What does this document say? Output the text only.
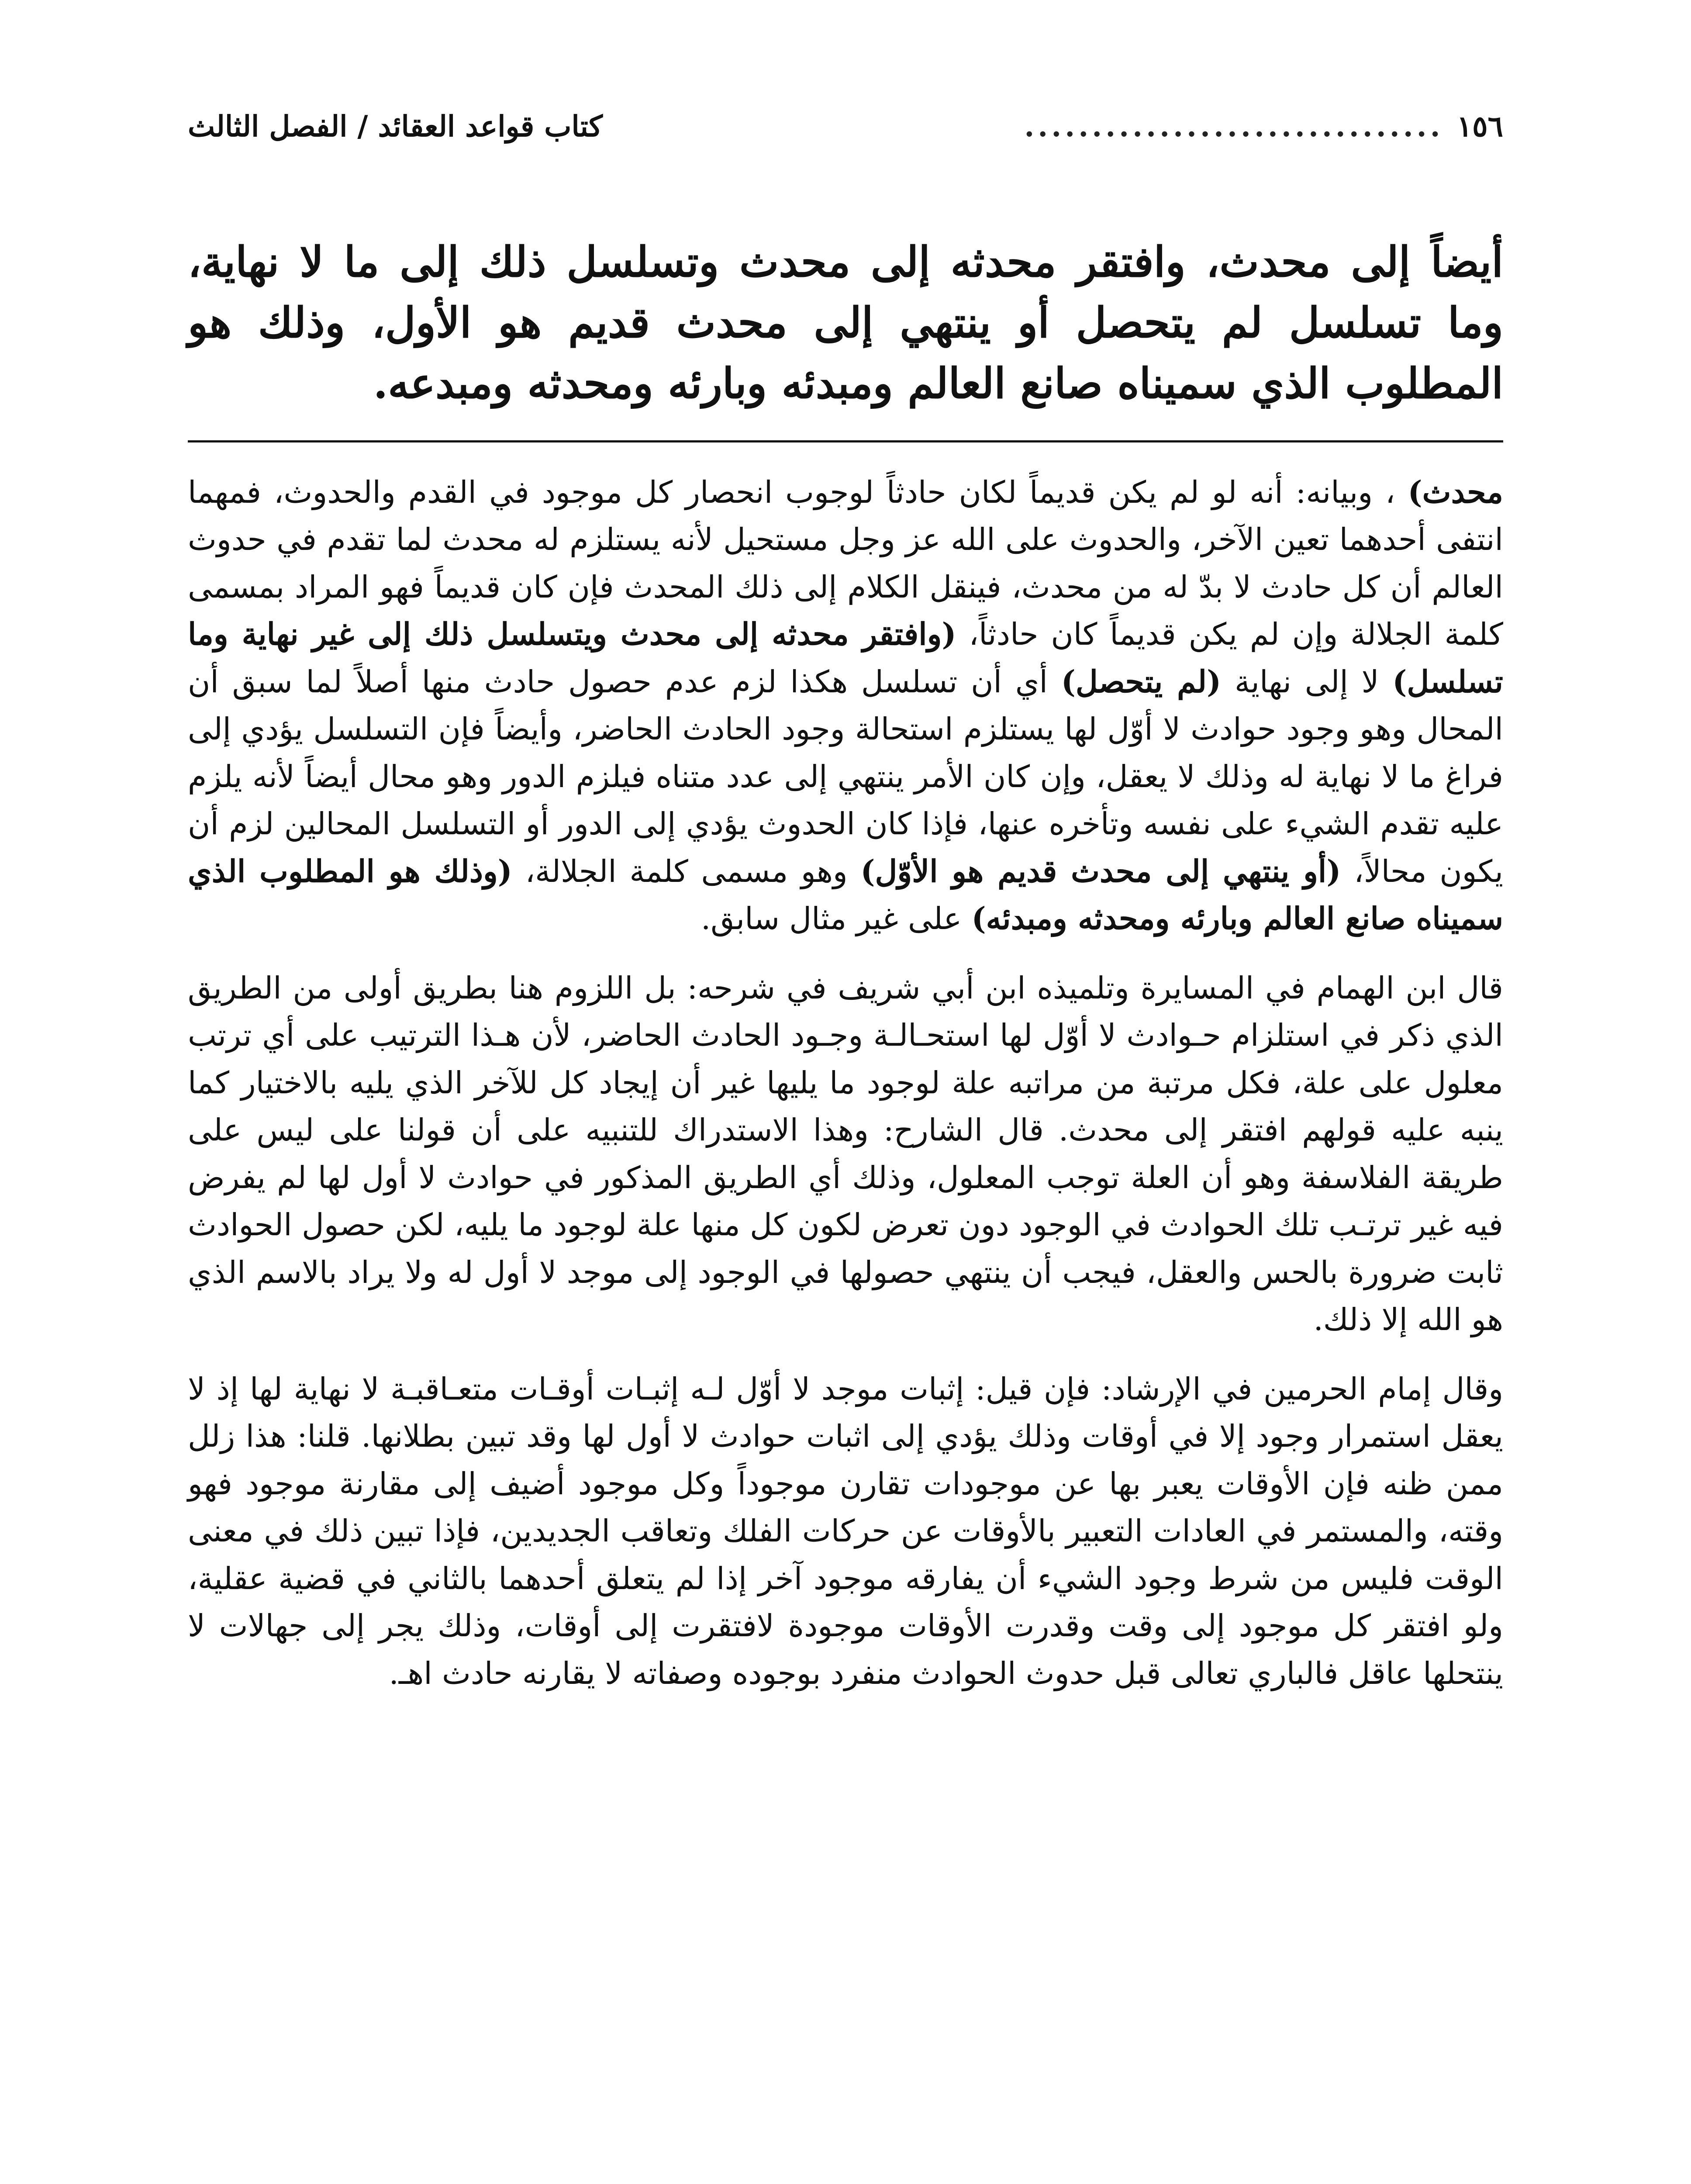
١٥٦
...............................
كتاب قواعد العقائد / الفصل الثالث
أيضاً إلى محدث، وافتقر محدثه إلى محدث وتسلسل ذلك إلى ما لا نهاية، وما تسلسل لم يتحصل أو ينتهي إلى محدث قديم هو الأول، وذلك هو المطلوب الذي سميناه صانع العالم ومبدئه وبارئه ومحدثه ومبدعه.

محدث) ، وبيانه: أنه لو لم يكن قديماً لكان حادثاً لوجوب انحصار كل موجود في القدم والحدوث، فمهما انتفى أحدهما تعين الآخر، والحدوث على الله عز وجل مستحيل لأنه يستلزم له محدث لما تقدم في حدوث العالم أن كل حادث لا بدّ له من محدث، فينقل الكلام إلى ذلك المحدث فإن كان قديماً فهو المراد بمسمى كلمة الجلالة وإن لم يكن قديماً كان حادثاً، (وافتقر محدثه إلى محدث ويتسلسل ذلك إلى غير نهاية وما تسلسل) لا إلى نهاية (لم يتحصل) أي أن تسلسل هكذا لزم عدم حصول حادث منها أصلاً لما سبق أن المحال وهو وجود حوادث لا أوّل لها يستلزم استحالة وجود الحادث الحاضر، وأيضاً فإن التسلسل يؤدي إلى فراغ ما لا نهاية له وذلك لا يعقل، وإن كان الأمر ينتهي إلى عدد متناه فيلزم الدور وهو محال أيضاً لأنه يلزم عليه تقدم الشيء على نفسه وتأخره عنها، فإذا كان الحدوث يؤدي إلى الدور أو التسلسل المحالين لزم أن يكون محالاً، (أو ينتهي إلى محدث قديم هو الأوّل) وهو مسمى كلمة الجلالة، (وذلك هو المطلوب الذي سميناه صانع العالم وبارئه ومحدثه ومبدئه) على غير مثال سابق.

قال ابن الهمام في المسايرة وتلميذه ابن أبي شريف في شرحه: بل اللزوم هنا بطريق أولى من الطريق الذي ذكر في استلزام حـوادث لا أوّل لها استحـالـة وجـود الحادث الحاضر، لأن هـذا الترتيب على أي ترتب معلول على علة، فكل مرتبة من مراتبه علة لوجود ما يليها غير أن إيجاد كل للآخر الذي يليه بالاختيار كما ينبه عليه قولهم افتقر إلى محدث. قال الشارح: وهذا الاستدراك للتنبيه على أن قولنا على ليس على طريقة الفلاسفة وهو أن العلة توجب المعلول، وذلك أي الطريق المذكور في حوادث لا أول لها لم يفرض فيه غير ترتـب تلك الحوادث في الوجود دون تعرض لكون كل منها علة لوجود ما يليه، لكن حصول الحوادث ثابت ضرورة بالحس والعقل، فيجب أن ينتهي حصولها في الوجود إلى موجد لا أول له ولا يراد بالاسم الذي هو الله إلا ذلك.

وقال إمام الحرمين في الإرشاد: فإن قيل: إثبات موجد لا أوّل لـه إثبـات أوقـات متعـاقبـة لا نهاية لها إذ لا يعقل استمرار وجود إلا في أوقات وذلك يؤدي إلى اثبات حوادث لا أول لها وقد تبين بطلانها. قلنا: هذا زلل ممن ظنه فإن الأوقات يعبر بها عن موجودات تقارن موجوداً وكل موجود أضيف إلى مقارنة موجود فهو وقته، والمستمر في العادات التعبير بالأوقات عن حركات الفلك وتعاقب الجديدين، فإذا تبين ذلك في معنى الوقت فليس من شرط وجود الشيء أن يفارقه موجود آخر إذا لم يتعلق أحدهما بالثاني في قضية عقلية، ولو افتقر كل موجود إلى وقت وقدرت الأوقات موجودة لافتقرت إلى أوقات، وذلك يجر إلى جهالات لا ينتحلها عاقل فالباري تعالى قبل حدوث الحوادث منفرد بوجوده وصفاته لا يقارنه حادث اهـ.
